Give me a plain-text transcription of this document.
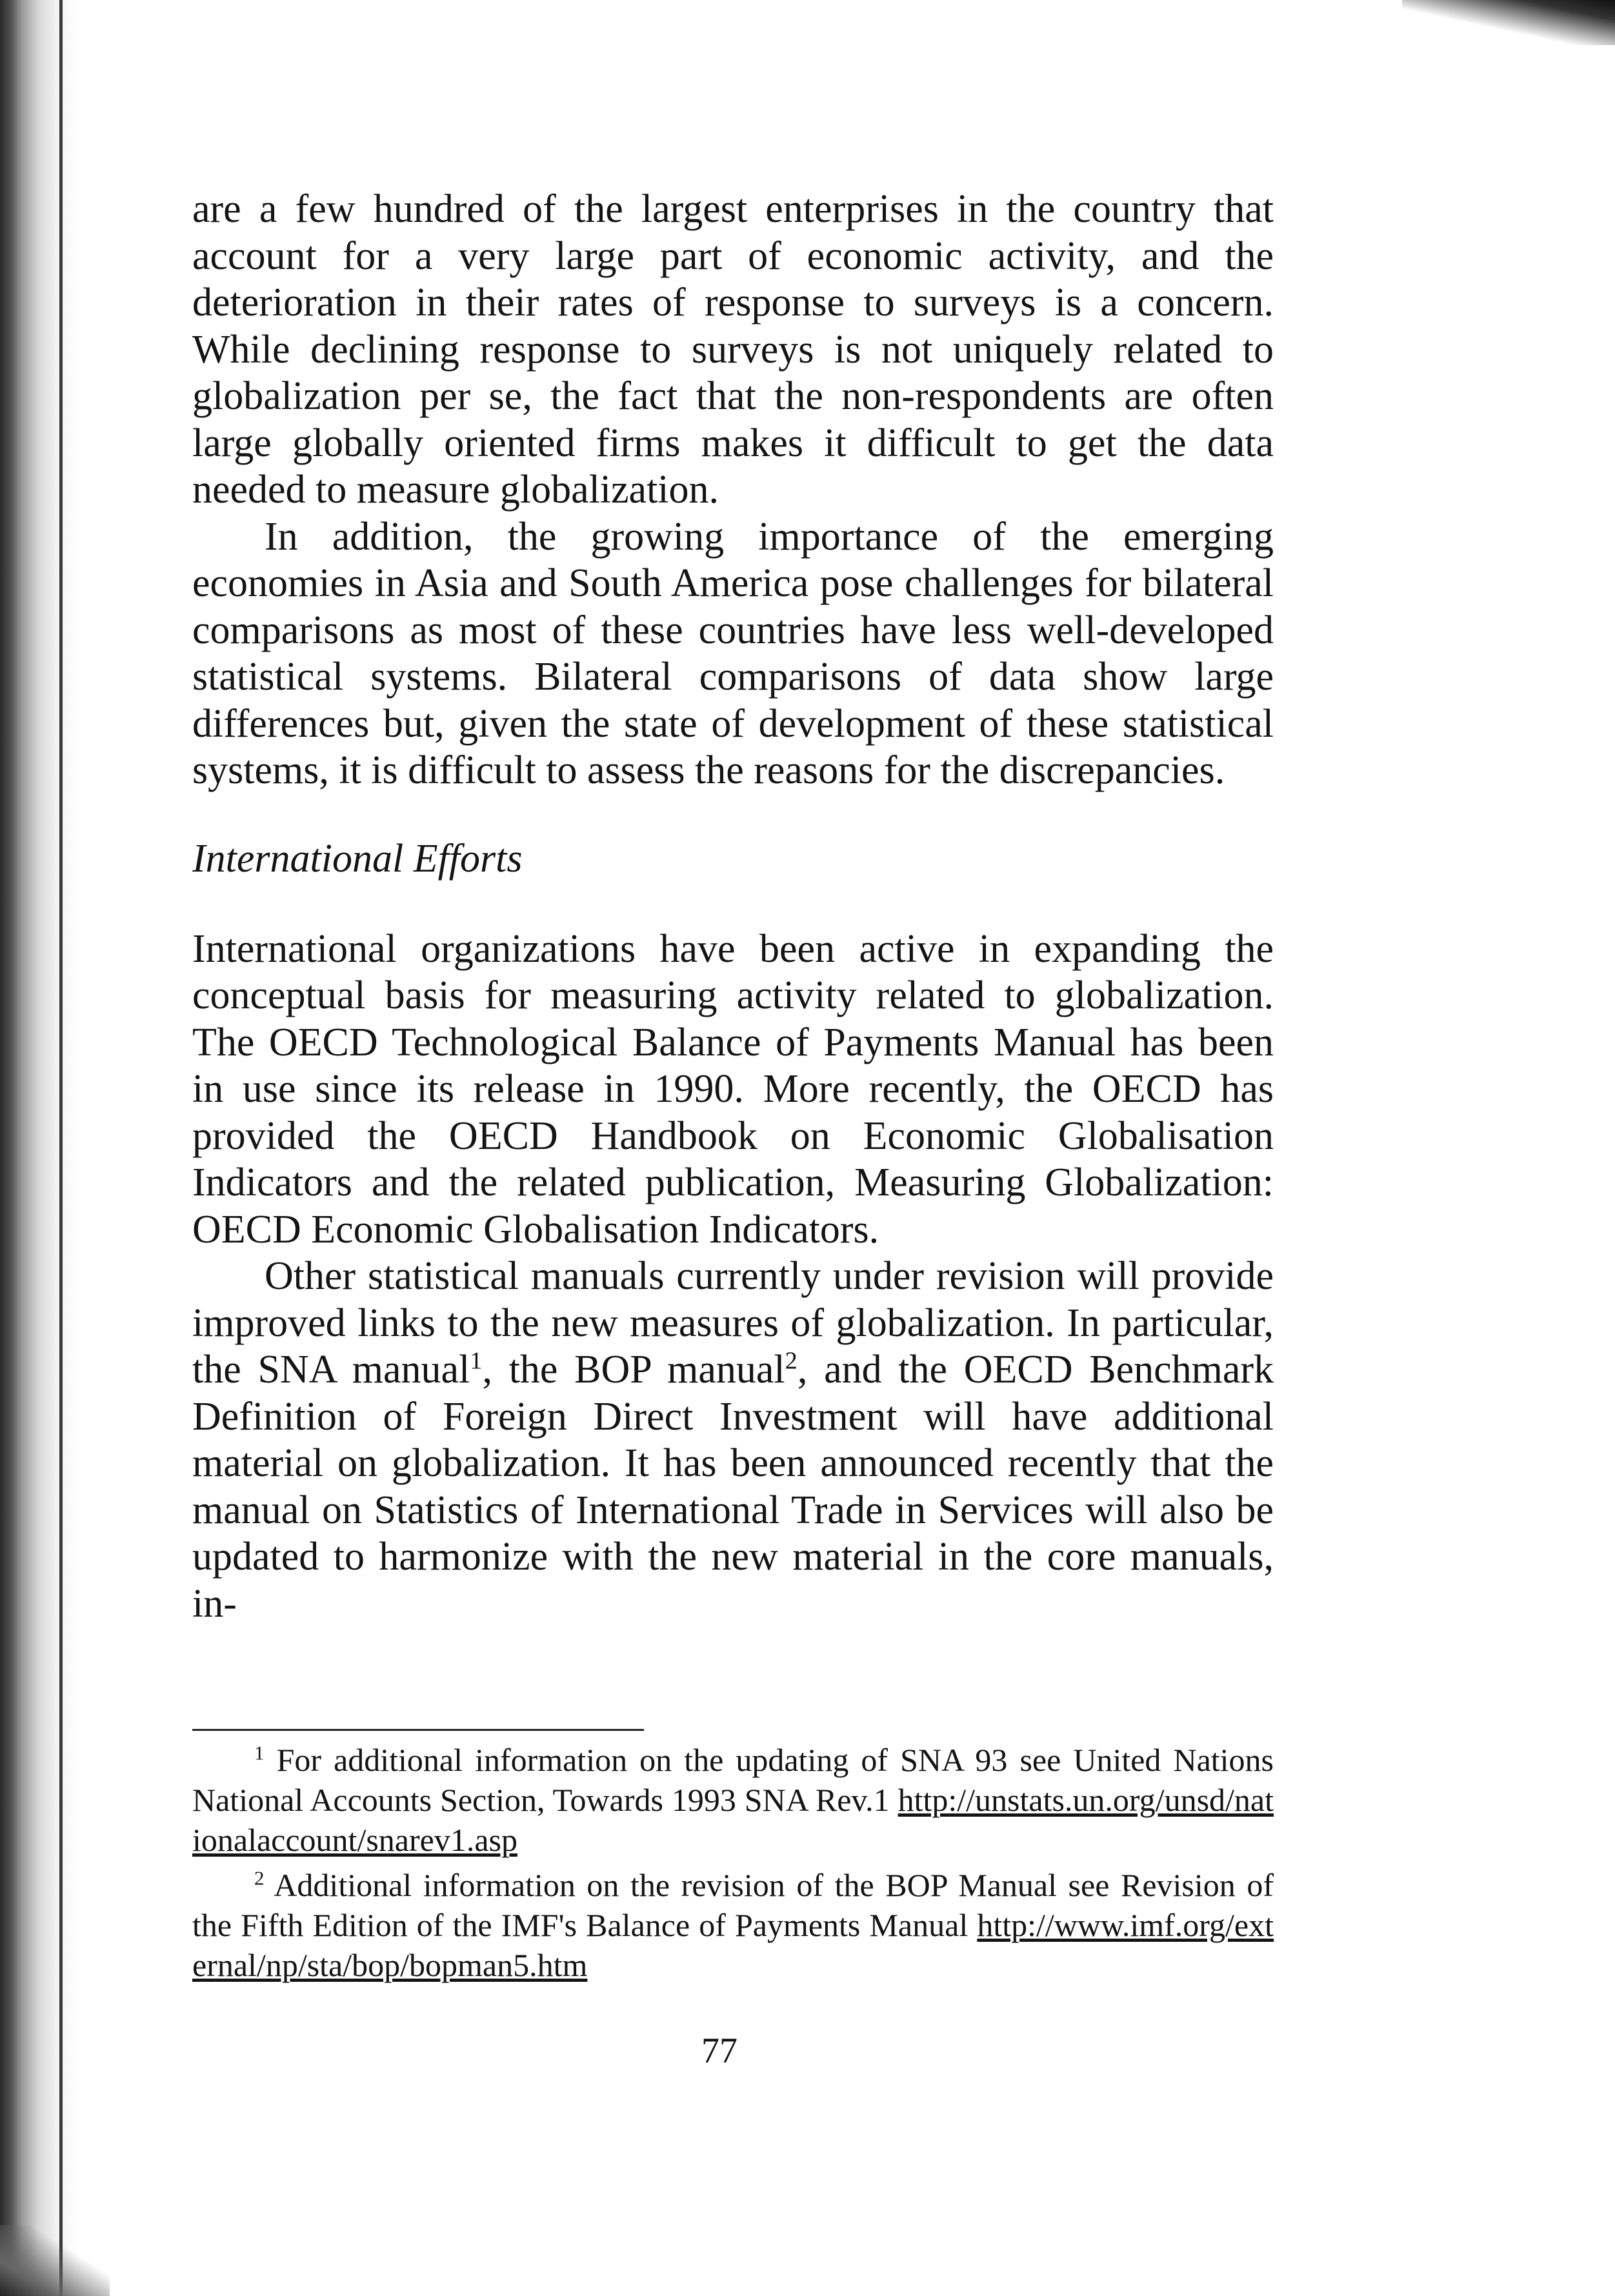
are a few hundred of the largest enterprises in the country that account for a very large part of economic activity, and the deterioration in their rates of response to surveys is a concern. While declining response to surveys is not uniquely related to globalization per se, the fact that the non-respondents are often large globally oriented firms makes it difficult to get the data needed to measure globalization.

In addition, the growing importance of the emerging economies in Asia and South America pose challenges for bilateral comparisons as most of these countries have less well-developed statistical systems. Bilateral comparisons of data show large differences but, given the state of development of these statistical systems, it is difficult to assess the reasons for the discrepancies.

International Efforts

International organizations have been active in expanding the conceptual basis for measuring activity related to globalization. The OECD Technological Balance of Payments Manual has been in use since its release in 1990. More recently, the OECD has provided the OECD Handbook on Economic Globalisation Indicators and the related publication, Measuring Globalization: OECD Economic Globalisation Indicators.

Other statistical manuals currently under revision will provide improved links to the new measures of globalization. In particular, the SNA manual$^1$, the BOP manual$^2$, and the OECD Benchmark Definition of Foreign Direct Investment will have additional material on globalization. It has been announced recently that the manual on Statistics of International Trade in Services will also be updated to harmonize with the new material in the core manuals, in-

$^1$ For additional information on the updating of SNA 93 see United Nations National Accounts Section, Towards 1993 SNA Rev.1 http://unstats.un.org/unsd/nationalaccount/snarev1.asp

$^2$ Additional information on the revision of the BOP Manual see Revision of the Fifth Edition of the IMF's Balance of Payments Manual http://www.imf.org/external/np/sta/bop/bopman5.htm

77
